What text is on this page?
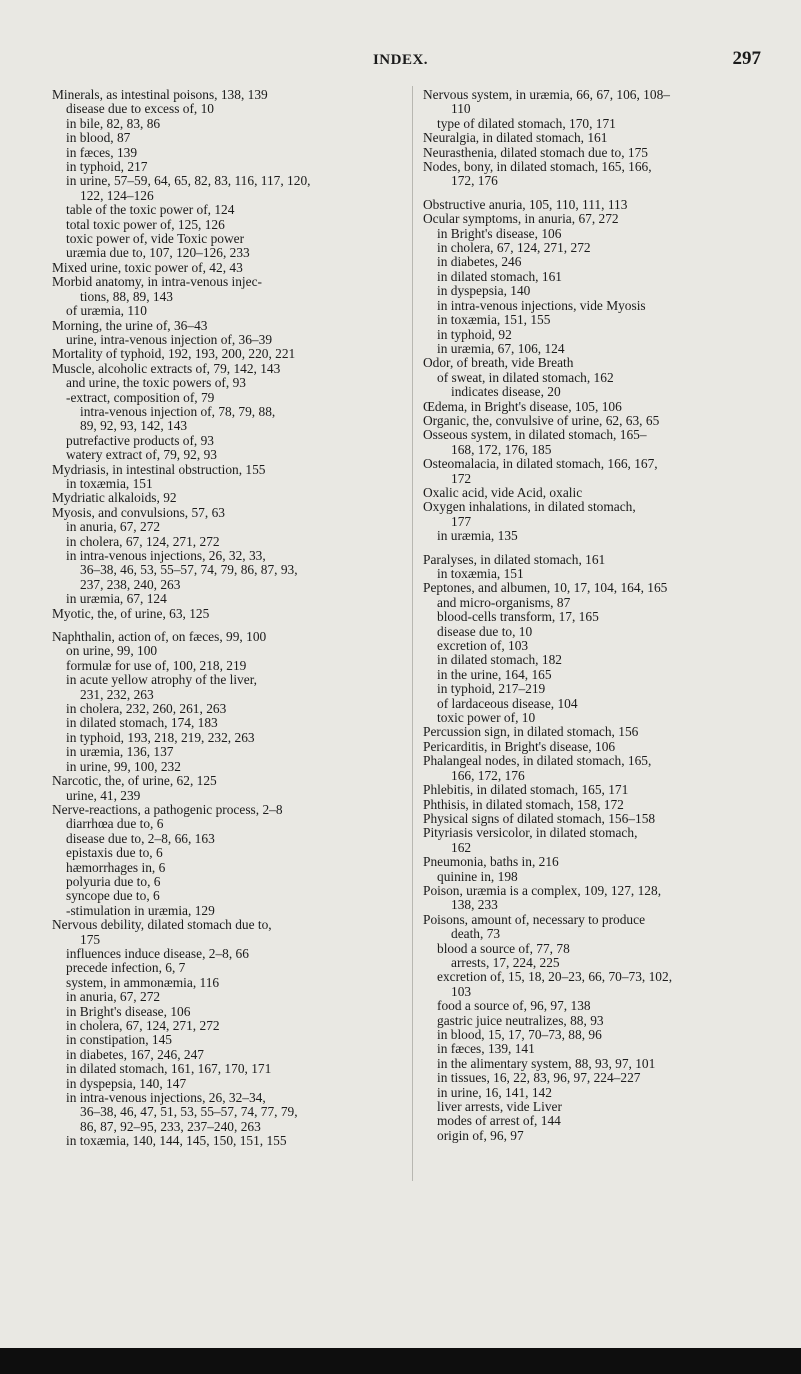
INDEX.	297
Minerals, as intestinal poisons, 138, 139
disease due to excess of, 10
in bile, 82, 83, 86
in blood, 87
in fæces, 139
in typhoid, 217
in urine, 57–59, 64, 65, 82, 83, 116, 117, 120,
122, 124–126
table of the toxic power of, 124
total toxic power of, 125, 126
toxic power of, vide Toxic power
uræmia due to, 107, 120–126, 233
Mixed urine, toxic power of, 42, 43
Morbid anatomy, in intra-venous injec-
tions, 88, 89, 143
of uræmia, 110
Morning, the urine of, 36–43
urine, intra-venous injection of, 36–39
Mortality of typhoid, 192, 193, 200, 220, 221
Muscle, alcoholic extracts of, 79, 142, 143
and urine, the toxic powers of, 93
-extract, composition of, 79
intra-venous injection of, 78, 79, 88,
89, 92, 93, 142, 143
putrefactive products of, 93
watery extract of, 79, 92, 93
Mydriasis, in intestinal obstruction, 155
in toxæmia, 151
Mydriatic alkaloids, 92
Myosis, and convulsions, 57, 63
in anuria, 67, 272
in cholera, 67, 124, 271, 272
in intra-venous injections, 26, 32, 33,
36–38, 46, 53, 55–57, 74, 79, 86, 87, 93,
237, 238, 240, 263
in uræmia, 67, 124
Myotic, the, of urine, 63, 125
Naphthalin, action of, on fæces, 99, 100
on urine, 99, 100
formulæ for use of, 100, 218, 219
in acute yellow atrophy of the liver,
231, 232, 263
in cholera, 232, 260, 261, 263
in dilated stomach, 174, 183
in typhoid, 193, 218, 219, 232, 263
in uræmia, 136, 137
in urine, 99, 100, 232
Narcotic, the, of urine, 62, 125
urine, 41, 239
Nerve-reactions, a pathogenic process, 2–8
diarrhœa due to, 6
disease due to, 2–8, 66, 163
epistaxis due to, 6
hæmorrhages in, 6
polyuria due to, 6
syncope due to, 6
-stimulation in uræmia, 129
Nervous debility, dilated stomach due to,
175
influences induce disease, 2–8, 66
precede infection, 6, 7
system, in ammonæmia, 116
in anuria, 67, 272
in Bright's disease, 106
in cholera, 67, 124, 271, 272
in constipation, 145
in diabetes, 167, 246, 247
in dilated stomach, 161, 167, 170, 171
in dyspepsia, 140, 147
in intra-venous injections, 26, 32–34,
36–38, 46, 47, 51, 53, 55–57, 74, 77, 79,
86, 87, 92–95, 233, 237–240, 263
in toxæmia, 140, 144, 145, 150, 151, 155
Nervous system, in uræmia, 66, 67, 106, 108–
110
type of dilated stomach, 170, 171
Neuralgia, in dilated stomach, 161
Neurasthenia, dilated stomach due to, 175
Nodes, bony, in dilated stomach, 165, 166,
172, 176
Obstructive anuria, 105, 110, 111, 113
Ocular symptoms, in anuria, 67, 272
in Bright's disease, 106
in cholera, 67, 124, 271, 272
in diabetes, 246
in dilated stomach, 161
in dyspepsia, 140
in intra-venous injections, vide Myosis
in toxæmia, 151, 155
in typhoid, 92
in uræmia, 67, 106, 124
Odor, of breath, vide Breath
of sweat, in dilated stomach, 162
indicates disease, 20
Œdema, in Bright's disease, 105, 106
Organic, the, convulsive of urine, 62, 63, 65
Osseous system, in dilated stomach, 165–
168, 172, 176, 185
Osteomalacia, in dilated stomach, 166, 167,
172
Oxalic acid, vide Acid, oxalic
Oxygen inhalations, in dilated stomach,
177
in uræmia, 135
Paralyses, in dilated stomach, 161
in toxæmia, 151
Peptones, and albumen, 10, 17, 104, 164, 165
and micro-organisms, 87
blood-cells transform, 17, 165
disease due to, 10
excretion of, 103
in dilated stomach, 182
in the urine, 164, 165
in typhoid, 217–219
of lardaceous disease, 104
toxic power of, 10
Percussion sign, in dilated stomach, 156
Pericarditis, in Bright's disease, 106
Phalangeal nodes, in dilated stomach, 165,
166, 172, 176
Phlebitis, in dilated stomach, 165, 171
Phthisis, in dilated stomach, 158, 172
Physical signs of dilated stomach, 156–158
Pityriasis versicolor, in dilated stomach,
162
Pneumonia, baths in, 216
quinine in, 198
Poison, uræmia is a complex, 109, 127, 128,
138, 233
Poisons, amount of, necessary to produce
death, 73
blood a source of, 77, 78
arrests, 17, 224, 225
excretion of, 15, 18, 20–23, 66, 70–73, 102,
103
food a source of, 96, 97, 138
gastric juice neutralizes, 88, 93
in blood, 15, 17, 70–73, 88, 96
in fæces, 139, 141
in the alimentary system, 88, 93, 97, 101
in tissues, 16, 22, 83, 96, 97, 224–227
in urine, 16, 141, 142
liver arrests, vide Liver
modes of arrest of, 144
origin of, 96, 97
